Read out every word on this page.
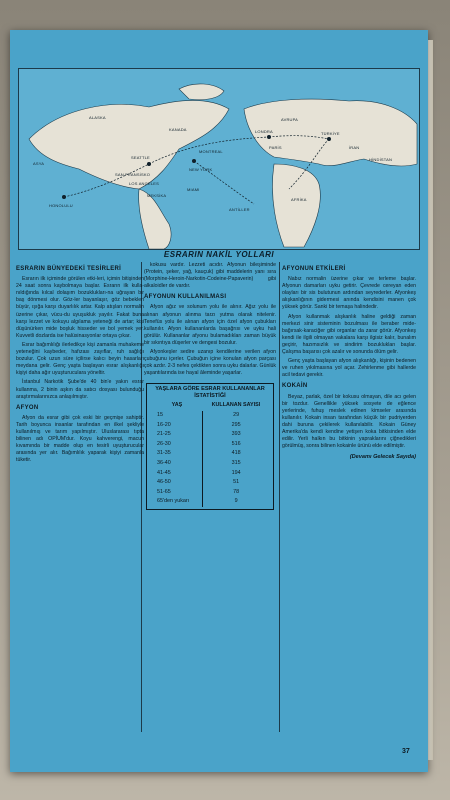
ASYA
ALASKA
KANADA
SEATTLE
SAN FRANSİSKO
LOS ANGELES
MONTREAL
NEW YORK
MEKSİKA
MIAMI
ANTİLLER
AVRUPA
LONDRA
PARİS
TÜRKİYE
İRAN
HİNDİSTAN
AFRİKA
HONOLULU
ESRARIN NAKİL YOLLARI
ESRARIN BÜNYEDEKİ TESİRLERİ

Esrarın ilk içiminde görülen etki-leri, içimin bitişinden 24 saat sonra kaybolmaya başlar. Esrarın ilk kulla-nıldığında kılcal dolaşım bozuklukları-na uğrayan bir baş dönmesi olur. Göz-ler bayanlaşır, göz bebekleri büyür, ışığa karşı duyarlılık artar. Kalp atışları normalin üzerine çıkar, vücu-du uyuşukluk yayılır. Fakat buna karşı lezzet ve kokuyu algılama yeteneği de artar; kişi düşünürken mide boşluk hisseder ve bol yemek yer. Kuvvetli dozlarda ise halüsinasyonlar ortaya çıkar.

Esrar bağımlılığı ilerledikçe kişi zamanla muhakeme yeteneğini kaybeder, hafızası zayıflar, ruh sağlığı bozulur. Çok uzun süre içilirse kalıcı beyin hasarları meydana gelir. Genç yaşta başlayan esrar alışkanlığı kişiyi daha ağır uyuşturuculara yöneltir.

İstanbul Narkotik Şube'de 40 bin'e yakın esrar kullanma, 2 binin aşkın da satıcı dosyası bulunduğu araştırmalarınızca anlaşılmıştır.

AFYON

Afyon da esrar gibi çok eski bir geçmişe sahiptir. Tarih boyunca insanlar tarafından en ilkel şekliyle kullanılmış ve tarım yapılmıştır. Uluslararası tıpta bilinen adı OPİUM'dur. Koyu kahverengi, macun kıvamında bir madde olup en tesirli uyuşturucular arasında yer alır. Bağımlılık yaparak kişiyi zamanla tüketir.

kokusu vardır. Lezzeti acıdır. Afyonun bileşiminde (Protein, şeker, yağ, kauçuk) gibi maddelerin yanı sıra (Morphine-Heroin-Narkotin-Codeine-Papaverin) gibi alkaloidler de vardır.

AFYONUN KULLANILMASI

Afyon ağız ve solunum yolu ile alınır. Ağız yolu ile alınan afyonun alınma tarzı yutma olarak nitelenir. Tenefüs yolu ile alınan afyon için özel afyon çubukları kullanılır. Afyon kullananlarda başağrısı ve uyku hali görülür. Kullananlar afyonu bulamadıkları zaman büyük bir sıkıntıya düşerler ve dengesi bozulur.

Afyonkeşler sedire uzanıp kendilerine verilen afyon çubuğunu içerler. Çubuğun içine konulan afyon parçası çok azdır. 2-3 nefes çektikten sonra uyku dalarlar. Günlük yaşantılarında ise hayal âleminde yaşarlar.

YAŞLARA GÖRE ESRAR KULLANANLAR İSTATİSTİĞİ
YAŞ	KULLANAN SAYISI
15	29
16-20	295
21-25	393
26-30	516
31-35	418
36-40	315
41-45	194
46-50	51
51-65	78
65'den yukarı	9
AFYONUN ETKİLERİ

Nabız normalin üzerine çıkar ve terleme başlar. Afyonun damarları uyku getirir. Çevrede cereyan eden olayları bir sis bulutunun ardından seyrederler. Afyonkeş alışkanlığının gidermesi anında kendisini manen çok yüksek görür. Sanki bir temaşa halindedir.

Afyon kullanmak alışkanlık haline geldiği zaman merkezi sinir sisteminin bozulması ile beraber mide-bağırsak-karaciğer gibi organlar da zarar görür. Afyonkeş kendi ile ilgili olmayan vakalara karşı ilgisiz kalır, bunalım geçirir, hazımsızlık ve sindirim bozuklukları başlar. Çalışma başarısı çok azalır ve sonunda ölüm gelir.

Genç yaşta başlayan afyon alışkanlığı, kişinin bedenen ve ruhen yıkılmasına yol açar. Zehirlenme gibi hallerde acil tedavi gerekir.

KOKAİN

Beyaz, parlak, özel bir kokusu olmayan, dile acı gelen bir tozdur. Genellikle yüksek sosyete de eğlence yerlerinde, fuhuş meslek edinen kimseler arasında kullanılır. Kokain insan tarafından küçük bir pudriyerden dahi buruna çekilerek kullanılabilir. Kokain Güney Amerika'da kendi kendine yetişen koka bitkisinden elde edilir. Yerli halkın bu bitkinin yapraklarını çiğnedikleri görülmüş, sonra bilinen kokainle ürünü elde edilmiştir.

(Devamı Gelecek Sayıda)
37
